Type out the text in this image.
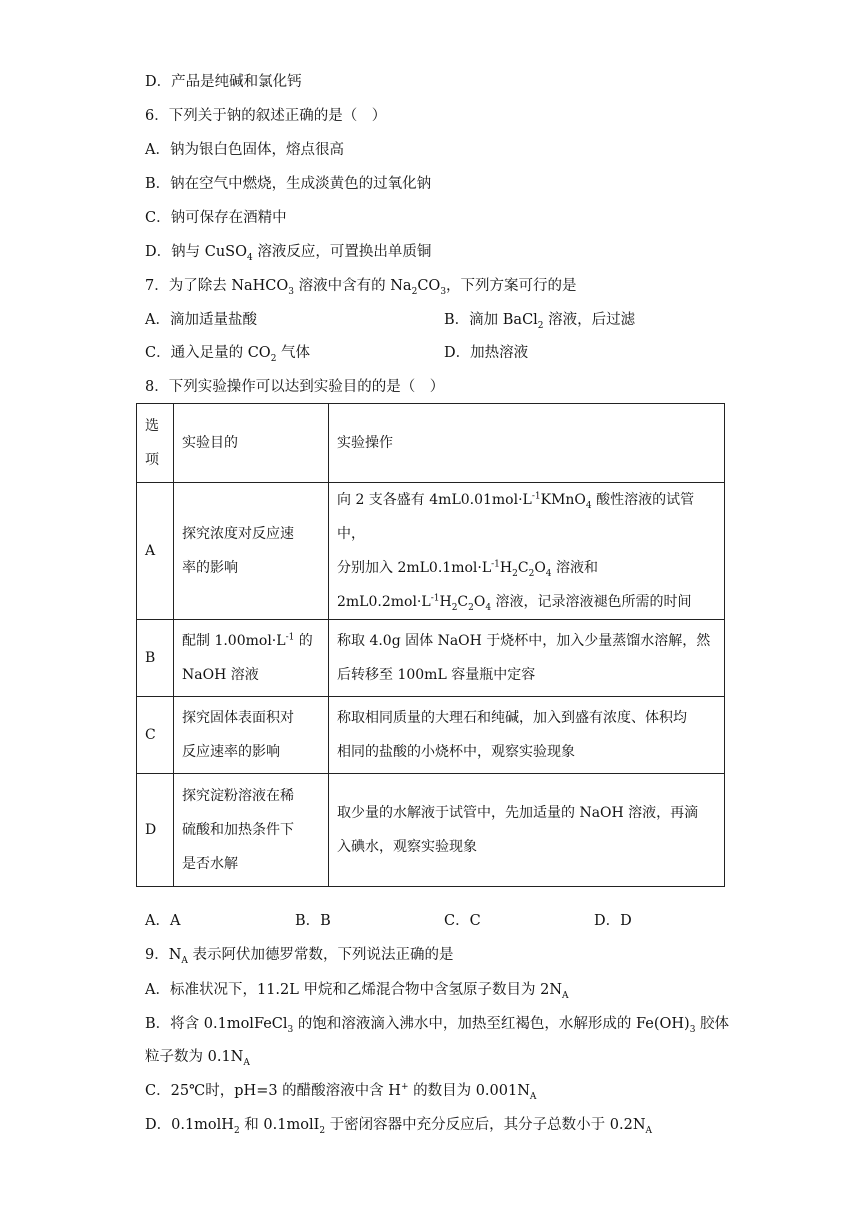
D．产品是纯碱和氯化钙
6．下列关于钠的叙述正确的是（　）
A．钠为银白色固体，熔点很高
B．钠在空气中燃烧，生成淡黄色的过氧化钠
C．钠可保存在酒精中
D．钠与 CuSO$_4$ 溶液反应，可置换出单质铜
7．为了除去 NaHCO$_3$ 溶液中含有的 $Na_2CO_3$，下列方案可行的是
A．滴加适量盐酸	B．滴加 BaCl$_2$ 溶液，后过滤
C．通入足量的 $CO_2$ 气体	D．加热溶液
8．下列实验操作可以达到实验目的的是（　）
选
项	实验目的	实验操作
A	探究浓度对反应速
率的影响	向 2 支各盛有 $4mL0.01mol\cdot L^{-1}KMnO_4$ 酸性溶液的试管中，
分别加入 $2mL0.1mol\cdot L^{-1}H_2C_2O_4$ 溶液和
$2mL0.2mol\cdot L^{-1}H_2C_2O_4$ 溶液，记录溶液褪色所需的时间
B	配制 $1.00mol\cdot L^{-1}$ 的
NaOH 溶液	称取 4.0g 固体 NaOH 于烧杯中，加入少量蒸馏水溶解，然
后转移至 100mL 容量瓶中定容
C	探究固体表面积对
反应速率的影响	称取相同质量的大理石和纯碱，加入到盛有浓度、体积均
相同的盐酸的小烧杯中，观察实验现象
D	探究淀粉溶液在稀
硫酸和加热条件下
是否水解	取少量的水解液于试管中，先加适量的 NaOH 溶液，再滴
入碘水，观察实验现象
A．A	B．B	C．C	D．D
9．$N_A$ 表示阿伏加德罗常数，下列说法正确的是
A．标准状况下，11.2L 甲烷和乙烯混合物中含氢原子数目为 $2N_A$
B．将含 0.1molFeCl$_3$ 的饱和溶液滴入沸水中，加热至红褐色，水解形成的 $Fe(OH)_3$ 胶体
粒子数为 $0.1N_A$
C．25℃时，pH=3 的醋酸溶液中含 H+ 的数目为 $0.001N_A$
D．0.1molH$_2$ 和 0.1molI$_2$ 于密闭容器中充分反应后，其分子总数小于 $0.2N_A$
